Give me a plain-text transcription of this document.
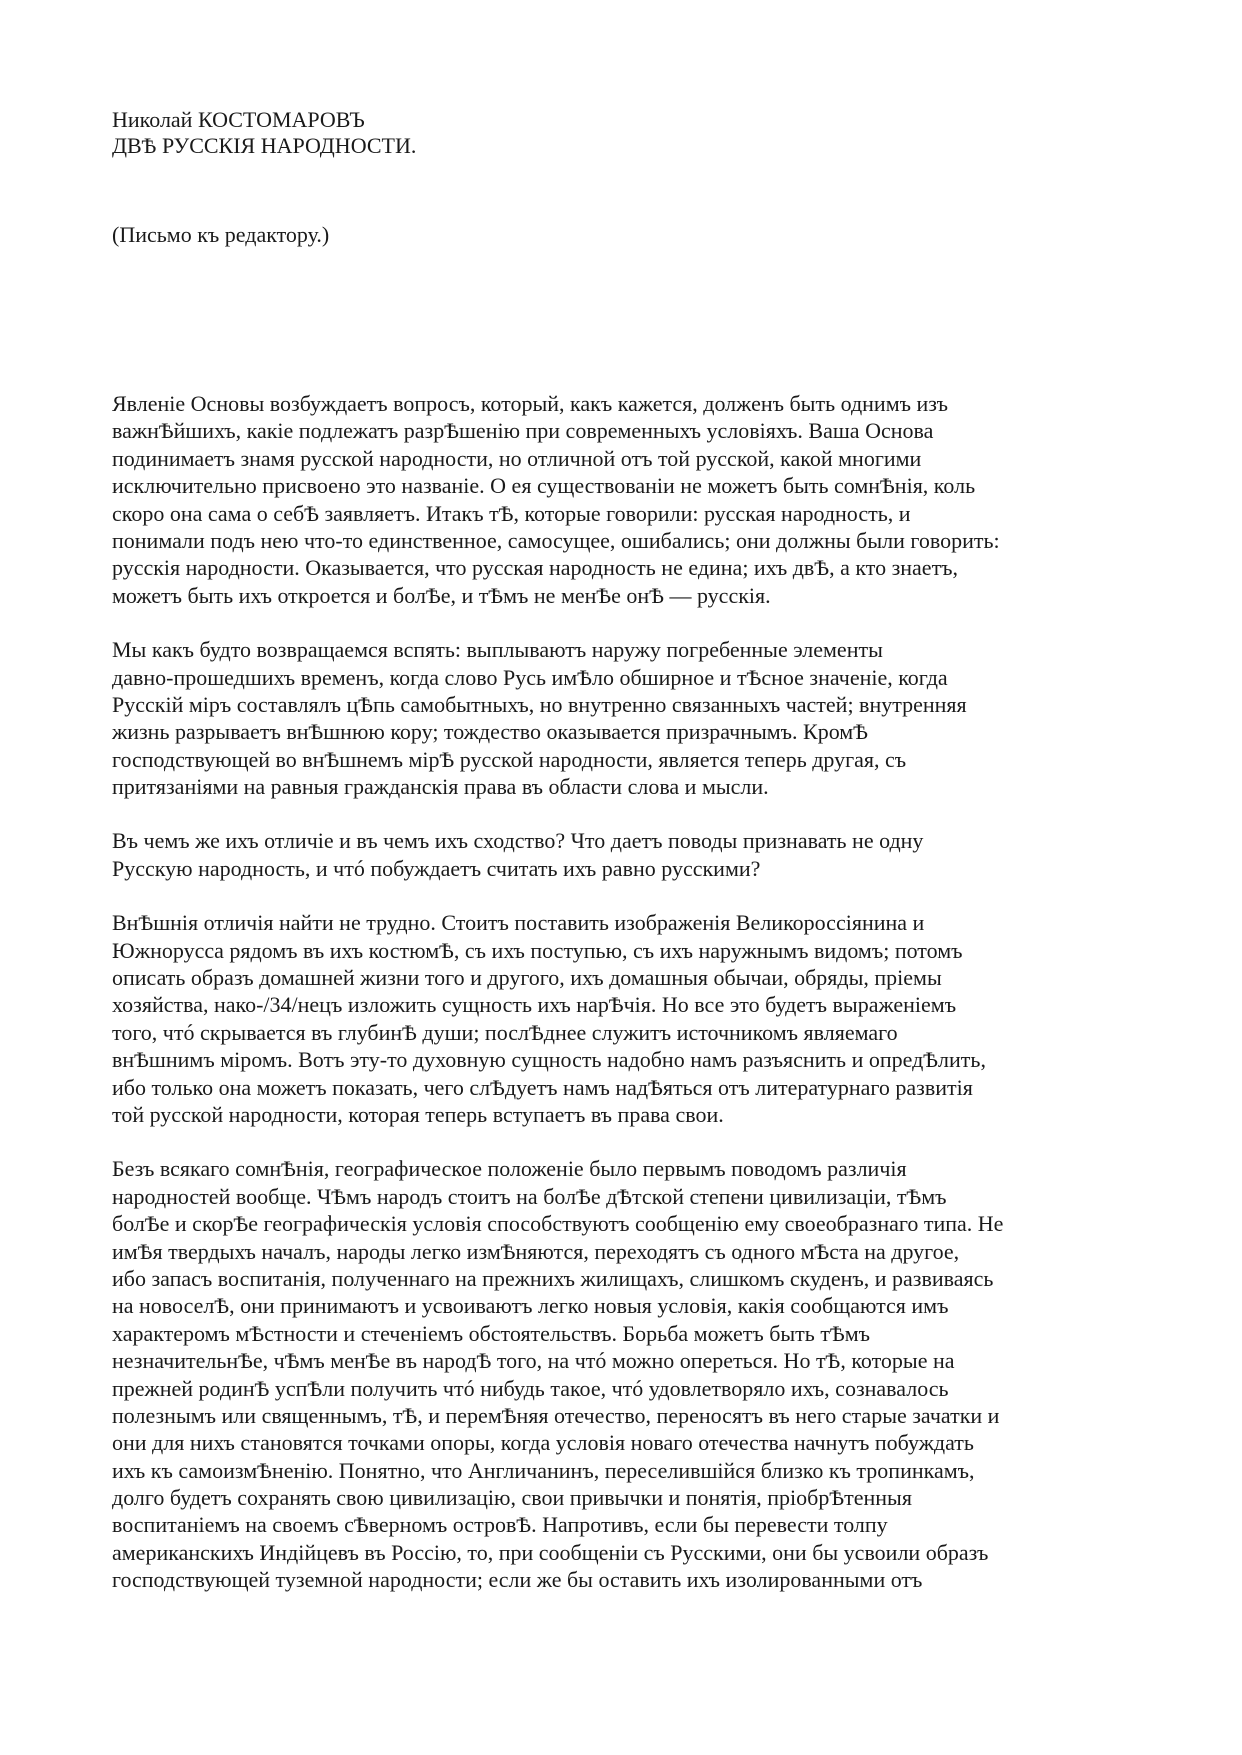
Николай КОСТОМАРОВЪ
ДВѢ РУССКІЯ НАРОДНОСТИ.
(Письмо къ редактору.)
Явленіе Основы возбуждаетъ вопросъ, который, какъ кажется, долженъ быть однимъ изъ
важнѢйшихъ, какіе подлежатъ разрѢшенію при современныхъ условіяхъ. Ваша Основа
подинимаетъ знамя русской народности, но отличной отъ той русской, какой многими
исключительно присвоено это названіе. О ея существованіи не можетъ быть сомнѢнія, коль
скоро она сама о себѢ заявляетъ. Итакъ тѢ, которые говорили: русская народность, и
понимали подъ нею что-то единственное, самосущее, ошибались; они должны были говорить:
русскія народности. Оказывается, что русская народность не едина; ихъ двѢ, а кто знаетъ,
можетъ быть ихъ откроется и болѢе, и тѢмъ не менѢе онѢ — русскія.
Мы какъ будто возвращаемся вспять: выплываютъ наружу погребенные элементы
давно-прошедшихъ временъ, когда слово Русь имѢло обширное и тѢсное значеніе, когда
Русскій міръ составлялъ цѢпь самобытныхъ, но внутренно связанныхъ частей; внутренняя
жизнь разрываетъ внѢшнюю кору; тождество оказывается призрачнымъ. КромѢ
господствующей во внѢшнемъ мірѢ русской народности, является теперь другая, съ
притязаніями на равныя гражданскія права въ области слова и мысли.
Въ чемъ же ихъ отличіе и въ чемъ ихъ сходство? Что даетъ поводы признавать не одну
Русскую народность, и чтó побуждаетъ считать ихъ равно русскими?
ВнѢшнія отличія найти не трудно. Стоитъ поставить изображенія Великороссіянина и
Южноруссa рядомъ въ ихъ костюмѢ, съ ихъ поступью, съ ихъ наружнымъ видомъ; потомъ
описать образъ домашней жизни того и другого, ихъ домашныя обычаи, обряды, пріемы
хозяйства, нако-/34/нецъ изложить сущность ихъ нарѢчія. Но все это будетъ выраженіемъ
того, чтó скрывается въ глубинѢ души; послѢднее служитъ источникомъ являемаго
внѢшнимъ міромъ. Вотъ эту-то духовную сущность надобно намъ разъяснить и опредѢлить,
ибо только она можетъ показать, чего слѢдуетъ намъ надѢяться отъ литературнаго развитія
той русской народности, которая теперь вступаетъ въ права свои.
Безъ всякаго сомнѢнія, географическое положеніе было первымъ поводомъ различія
народностей вообще. ЧѢмъ народъ стоитъ на болѢе дѢтской степени цивилизаціи, тѢмъ
болѢе и скорѢе географическія условія способствуютъ сообщенію ему своеобразнаго типа. Не
имѢя твердыхъ началъ, народы легко измѢняются, переходятъ съ одного мѢста на другое,
ибо запасъ воспитанія, полученнаго на прежнихъ жилищахъ, слишкомъ скуденъ, и развиваясь
на новоселѢ, они принимаютъ и усвоиваютъ легко новыя условія, какія сообщаются имъ
характеромъ мѢстности и стеченіемъ обстоятельствъ. Борьба можетъ быть тѢмъ
незначительнѢе, чѢмъ менѢе въ народѢ того, на чтó можно опереться. Но тѢ, которые на
прежней родинѢ успѢли получить чтó нибудь такое, чтó удовлетворяло ихъ, сознавалось
полезнымъ или священнымъ, тѢ, и перемѢняя отечество, переносятъ въ него старые зачатки и
они для нихъ становятся точками опоры, когда условія новаго отечества начнутъ побуждать
ихъ къ самоизмѢненію. Понятно, что Англичанинъ, переселившійся близко къ тропинкамъ,
долго будетъ сохранять свою цивилизацію, свои привычки и понятія, пріобрѢтенныя
воспитаніемъ на своемъ сѢверномъ островѢ. Напротивъ, если бы перевести толпу
американскихъ Индійцевъ въ Россію, то, при сообщеніи съ Русскими, они бы усвоили образъ
господствующей туземной народности; если же бы оставить ихъ изолированными отъ
